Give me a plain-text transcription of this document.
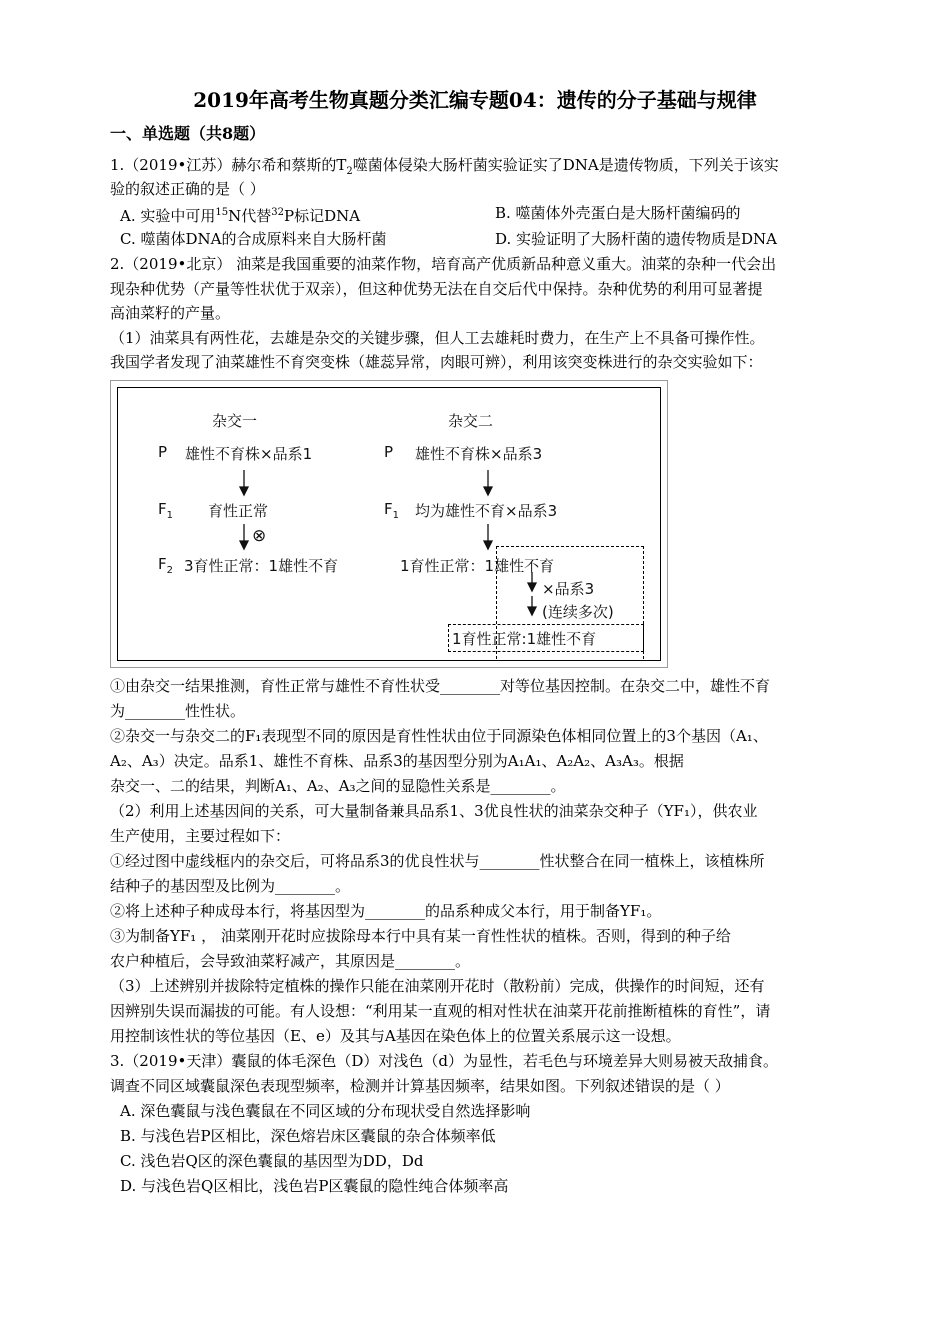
2019年高考生物真题分类汇编专题04：遗传的分子基础与规律
一、单选题（共8题）
1.（2019•江苏）赫尔希和蔡斯的$T_2$噬菌体侵染大肠杆菌实验证实了DNA是遗传物质，下列关于该实
验的叙述正确的是（ ）
A. 实验中可用$^{15}$N代替$^{32}$P标记DNA	B. 噬菌体外壳蛋白是大肠杆菌编码的
C. 噬菌体DNA的合成原料来自大肠杆菌	D. 实验证明了大肠杆菌的遗传物质是DNA
2.（2019•北京） 油菜是我国重要的油菜作物，培育高产优质新品种意义重大。油菜的杂种一代会出
现杂种优势（产量等性状优于双亲），但这种优势无法在自交后代中保持。杂种优势的利用可显著提
高油菜籽的产量。
（1）油菜具有两性花，去雄是杂交的关键步骤，但人工去雄耗时费力，在生产上不具备可操作性。
我国学者发现了油菜雄性不育突变株（雄蕊异常，肉眼可辨），利用该突变株进行的杂交实验如下：
杂交一	杂交二
P 雄性不育株×品系1	P 雄性不育株×品系3
$F_1$ 育性正常	$F_1$ 均为雄性不育×品系3
⊗
$F_2$ 3育性正常：1雄性不育	1育性正常：1雄性不育
×品系3
(连续多次)
1育性正常:1雄性不育
①由杂交一结果推测，育性正常与雄性不育性状受________对等位基因控制。在杂交二中，雄性不育
为________性性状。
②杂交一与杂交二的F₁表现型不同的原因是育性性状由位于同源染色体相同位置上的3个基因（A₁、
A₂、A₃）决定。品系1、雄性不育株、品系3的基因型分别为A₁A₁、A₂A₂、A₃A₃。根据
杂交一、二的结果，判断A₁、A₂、A₃之间的显隐性关系是________。
（2）利用上述基因间的关系，可大量制备兼具品系1、3优良性状的油菜杂交种子（YF₁），供农业
生产使用，主要过程如下：
①经过图中虚线框内的杂交后，可将品系3的优良性状与________性状整合在同一植株上，该植株所
结种子的基因型及比例为________。
②将上述种子种成母本行，将基因型为________的品系种成父本行，用于制备YF₁。
③为制备YF₁ ， 油菜刚开花时应拔除母本行中具有某一育性性状的植株。否则，得到的种子给
农户种植后，会导致油菜籽减产，其原因是________。
（3）上述辨别并拔除特定植株的操作只能在油菜刚开花时（散粉前）完成，供操作的时间短，还有
因辨别失误而漏拔的可能。有人设想：“利用某一直观的相对性状在油菜开花前推断植株的育性”，请
用控制该性状的等位基因（E、e）及其与A基因在染色体上的位置关系展示这一设想。
3.（2019•天津）囊鼠的体毛深色（D）对浅色（d）为显性，若毛色与环境差异大则易被天敌捕食。
调查不同区域囊鼠深色表现型频率，检测并计算基因频率，结果如图。下列叙述错误的是（ ）
A. 深色囊鼠与浅色囊鼠在不同区域的分布现状受自然选择影响
B. 与浅色岩P区相比，深色熔岩床区囊鼠的杂合体频率低
C. 浅色岩Q区的深色囊鼠的基因型为DD，Dd
D. 与浅色岩Q区相比，浅色岩P区囊鼠的隐性纯合体频率高
